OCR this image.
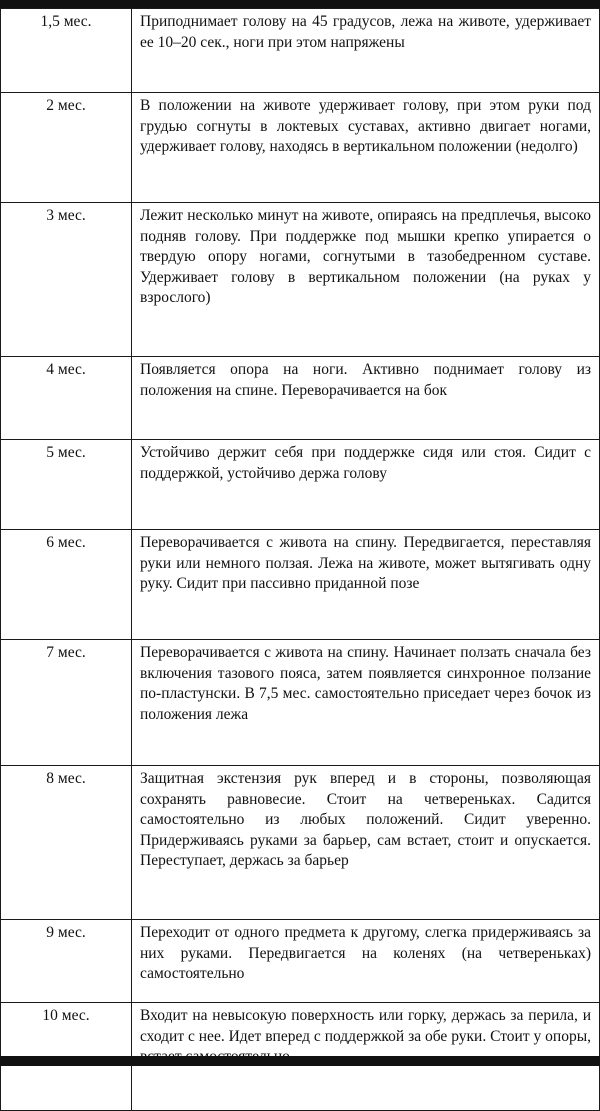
1,5 мес.	Приподнимает голову на 45 градусов, лежа на животе, удерживает ее 10–20 сек., ноги при этом напряжены
2 мес.	В положении на животе удерживает голову, при этом руки под грудью согнуты в локтевых суставах, активно двигает ногами, удерживает голову, находясь в вертикальном положении (недолго)
3 мес.	Лежит несколько минут на животе, опираясь на предплечья, высоко подняв голову. При поддержке под мышки крепко упирается о твердую опору ногами, согнутыми в тазобедренном суставе. Удерживает голову в вертикальном положении (на руках у взрослого)
4 мес.	Появляется опора на ноги. Активно поднимает голову из положения на спине. Переворачивается на бок
5 мес.	Устойчиво держит себя при поддержке сидя или стоя. Сидит с поддержкой, устойчиво держа голову
6 мес.	Переворачивается с живота на спину. Передвигается, переставляя руки или немного ползая. Лежа на животе, может вытягивать одну руку. Сидит при пассивно приданной позе
7 мес.	Переворачивается с живота на спину. Начинает ползать сначала без включения тазового пояса, затем появляется синхронное ползание по-пластунски. В 7,5 мес. самостоятельно приседает через бочок из положения лежа
8 мес.	Защитная экстензия рук вперед и в стороны, позволяющая сохранять равновесие. Стоит на четвереньках. Садится самостоятельно из любых положений. Сидит уверенно. Придерживаясь руками за барьер, сам встает, стоит и опускается. Переступает, держась за барьер
9 мес.	Переходит от одного предмета к другому, слегка придерживаясь за них руками. Передвигается на коленях (на четвереньках) самостоятельно
10 мес.	Входит на невысокую поверхность или горку, держась за перила, и сходит с нее. Идет вперед с поддержкой за обе руки. Стоит у опоры,
